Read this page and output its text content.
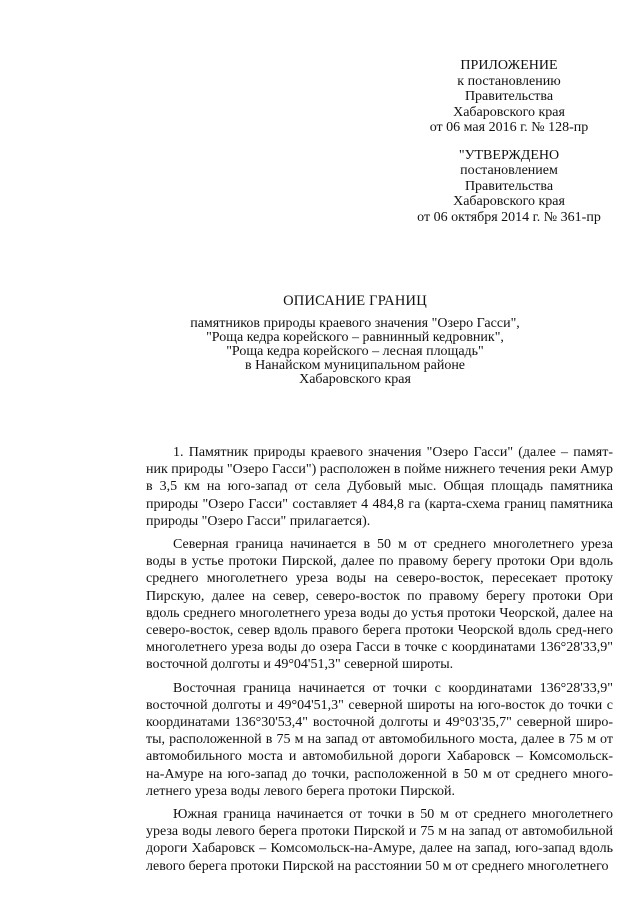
ПРИЛОЖЕНИЕ
к постановлению
Правительства
Хабаровского края
от 06 мая 2016 г. № 128-пр
"УТВЕРЖДЕНО
постановлением
Правительства
Хабаровского края
от 06 октября 2014 г. № 361-пр
ОПИСАНИЕ ГРАНИЦ
памятников природы краевого значения "Озеро Гасси",
"Роща кедра корейского – равнинный кедровник",
"Роща кедра корейского – лесная площадь"
в Нанайском муниципальном районе
Хабаровского края

1. Памятник природы краевого значения "Озеро Гасси" (далее – памят-ник природы "Озеро Гасси") расположен в пойме нижнего течения реки Амур в 3,5 км на юго-запад от села Дубовый мыс. Общая площадь памятника природы "Озеро Гасси" составляет 4 484,8 га (карта-схема границ памятника природы "Озеро Гасси" прилагается).

Северная граница начинается в 50 м от среднего многолетнего уреза воды в устье протоки Пирской, далее по правому берегу протоки Ори вдоль среднего многолетнего уреза воды на северо-восток, пересекает протоку Пирскую, далее на север, северо-восток по правому берегу протоки Ори вдоль среднего многолетнего уреза воды до устья протоки Чеорской, далее на северо-восток, север вдоль правого берега протоки Чеорской вдоль сред-него многолетнего уреза воды до озера Гасси в точке с координатами 136°28'33,9" восточной долготы и 49°04'51,3" северной широты.

Восточная граница начинается от точки с координатами 136°28'33,9" восточной долготы и 49°04'51,3" северной широты на юго-восток до точки с координатами 136°30'53,4" восточной долготы и 49°03'35,7" северной широ-ты, расположенной в 75 м на запад от автомобильного моста, далее в 75 м от автомобильного моста и автомобильной дороги Хабаровск – Комсомольск-на-Амуре на юго-запад до точки, расположенной в 50 м от среднего много-летнего уреза воды левого берега протоки Пирской.

Южная граница начинается от точки в 50 м от среднего многолетнего уреза воды левого берега протоки Пирской и 75 м на запад от автомобильной дороги Хабаровск – Комсомольск-на-Амуре, далее на запад, юго-запад вдоль левого берега протоки Пирской на расстоянии 50 м от среднего многолетнего
